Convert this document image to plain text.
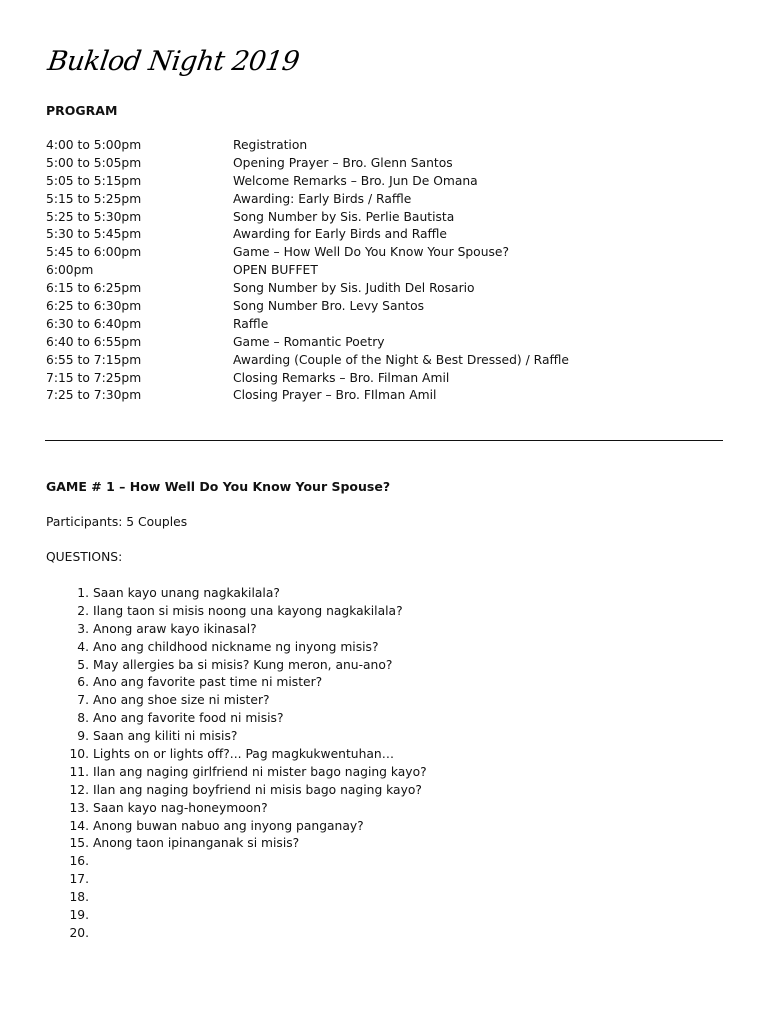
Buklod Night 2019
PROGRAM
4:00 to 5:00pm	Registration
5:00 to 5:05pm	Opening Prayer – Bro. Glenn Santos
5:05 to 5:15pm	Welcome Remarks – Bro. Jun De Omana
5:15 to 5:25pm	Awarding: Early Birds / Raffle
5:25 to 5:30pm	Song Number by Sis. Perlie Bautista
5:30 to 5:45pm	Awarding for Early Birds and Raffle
5:45 to 6:00pm	Game – How Well Do You Know Your Spouse?
6:00pm	OPEN BUFFET
6:15 to 6:25pm	Song Number by Sis. Judith Del Rosario
6:25 to 6:30pm	Song Number Bro. Levy Santos
6:30 to 6:40pm	Raffle
6:40 to 6:55pm	Game – Romantic Poetry
6:55 to 7:15pm	Awarding (Couple of the Night & Best Dressed) / Raffle
7:15 to 7:25pm	Closing Remarks – Bro. Filman Amil
7:25 to 7:30pm	Closing Prayer – Bro. FIlman Amil
GAME # 1 – How Well Do You Know Your Spouse?
Participants: 5 Couples
QUESTIONS:
1. Saan kayo unang nagkakilala?
2. Ilang taon si misis noong una kayong nagkakilala?
3. Anong araw kayo ikinasal?
4. Ano ang childhood nickname ng inyong misis?
5. May allergies ba si misis? Kung meron, anu-ano?
6. Ano ang favorite past time ni mister?
7. Ano ang shoe size ni mister?
8. Ano ang favorite food ni misis?
9. Saan ang kiliti ni misis?
10. Lights on or lights off?... Pag magkukwentuhan…
11. Ilan ang naging girlfriend ni mister bago naging kayo?
12. Ilan ang naging boyfriend ni misis bago naging kayo?
13. Saan kayo nag-honeymoon?
14. Anong buwan nabuo ang inyong panganay?
15. Anong taon ipinanganak si misis?
16.
17.
18.
19.
20.
